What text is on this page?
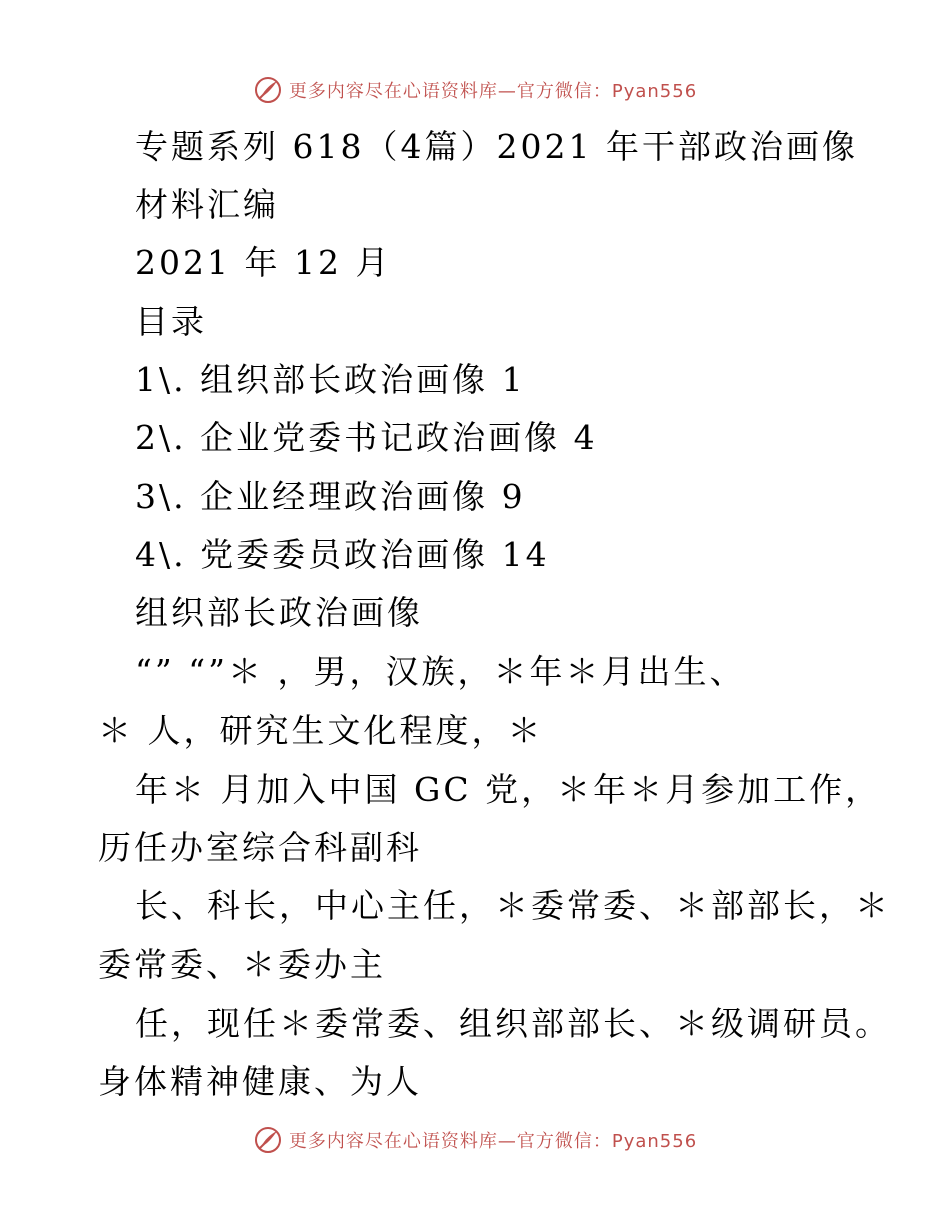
更多内容尽在心语资料库—官方微信：Pyan556
专题系列 618（4篇）2021 年干部政治画像
材料汇编
2021 年 12 月
目录
1\. 组织部长政治画像 1
2\. 企业党委书记政治画像 4
3\. 企业经理政治画像 9
4\. 党委委员政治画像 14
组织部长政治画像
“” “”＊ ，男，汉族，＊年＊月出生、
＊ 人，研究生文化程度，＊
年＊ 月加入中国 GC 党，＊年＊月参加工作，
历任办室综合科副科
长、科长，中心主任，＊委常委、＊部部长，＊
委常委、＊委办主
任，现任＊委常委、组织部部长、＊级调研员。
身体精神健康、为人
更多内容尽在心语资料库—官方微信：Pyan556
